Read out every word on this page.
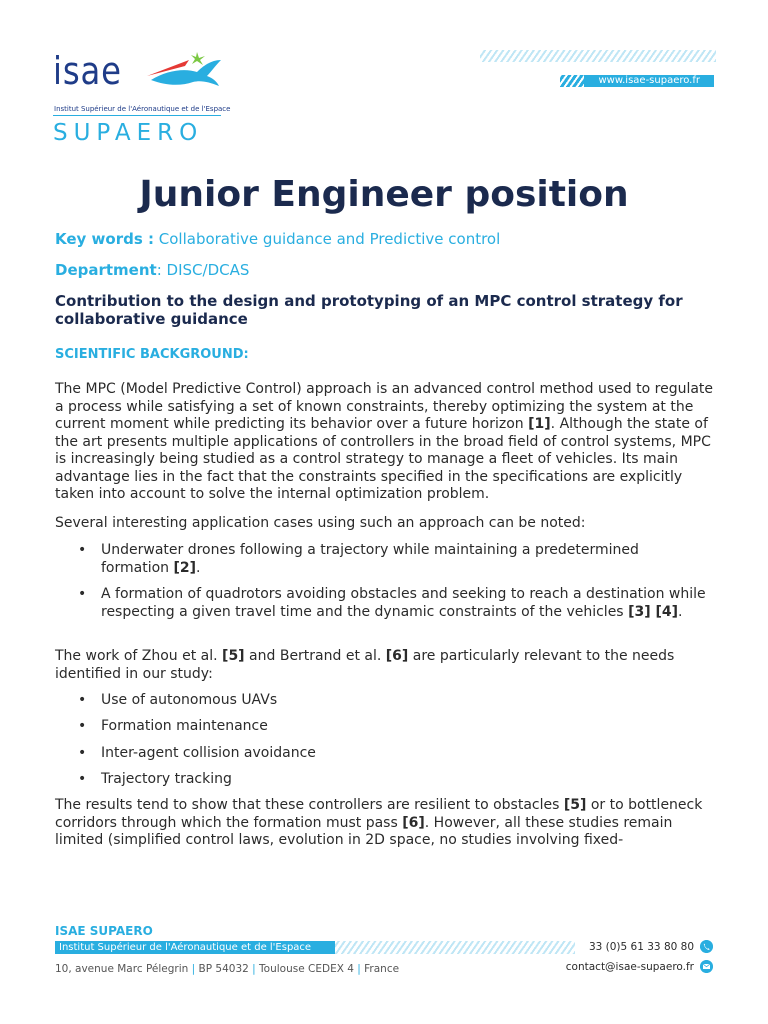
isae
Institut Supérieur de l'Aéronautique et de l'Espace
SUPAERO
www.isae-supaero.fr
Junior Engineer position
Key words : Collaborative guidance and Predictive control
Department: DISC/DCAS
Contribution to the design and prototyping of an MPC control strategy for collaborative guidance
SCIENTIFIC BACKGROUND:
The MPC (Model Predictive Control) approach is an advanced control method used to regulate a process while satisfying a set of known constraints, thereby optimizing the system at the current moment while predicting its behavior over a future horizon [1]. Although the state of the art presents multiple applications of controllers in the broad field of control systems, MPC is increasingly being studied as a control strategy to manage a fleet of vehicles. Its main advantage lies in the fact that the constraints specified in the specifications are explicitly taken into account to solve the internal optimization problem.
Several interesting application cases using such an approach can be noted:
• Underwater drones following a trajectory while maintaining a predetermined formation [2].
• A formation of quadrotors avoiding obstacles and seeking to reach a destination while respecting a given travel time and the dynamic constraints of the vehicles [3] [4].
The work of Zhou et al. [5] and Bertrand et al. [6] are particularly relevant to the needs identified in our study:
• Use of autonomous UAVs
• Formation maintenance
• Inter-agent collision avoidance
• Trajectory tracking
The results tend to show that these controllers are resilient to obstacles [5] or to bottleneck corridors through which the formation must pass [6]. However, all these studies remain limited (simplified control laws, evolution in 2D space, no studies involving fixed-
ISAE SUPAERO
Institut Supérieur de l'Aéronautique et de l'Espace
10, avenue Marc Pélegrin | BP 54032 | Toulouse CEDEX 4 | France
33 (0)5 61 33 80 80
contact@isae-supaero.fr
